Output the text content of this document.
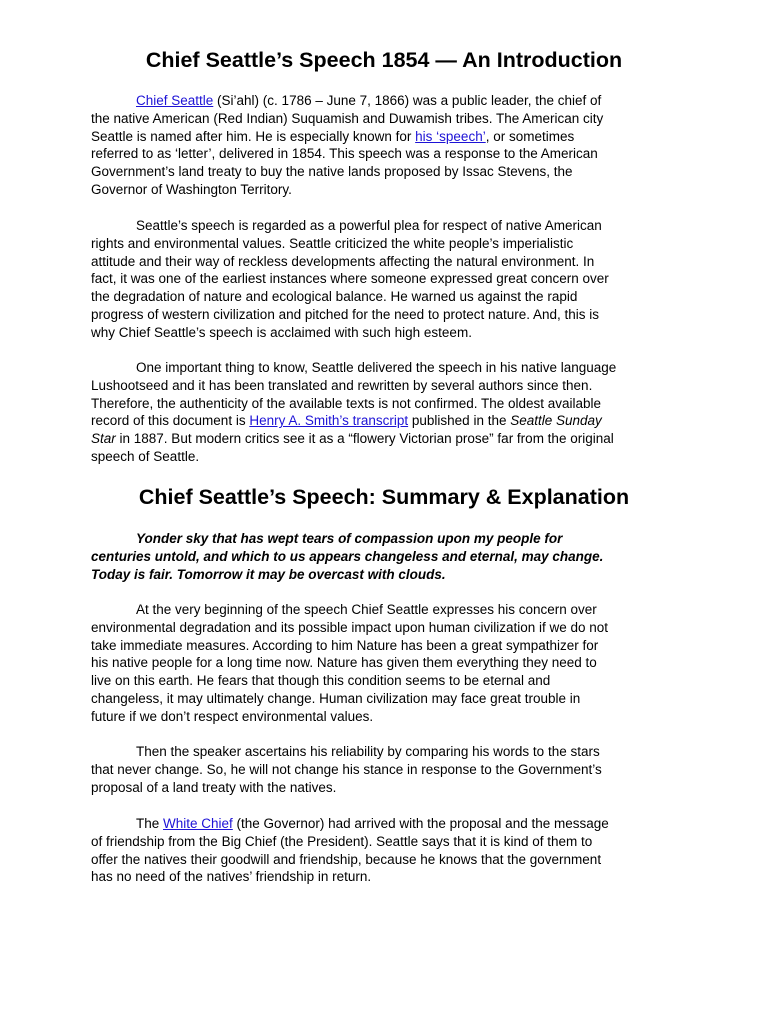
Chief Seattle’s Speech 1854 — An Introduction

Chief Seattle (Si’ahl) (c. 1786 – June 7, 1866) was a public leader, the chief of
the native American (Red Indian) Suquamish and Duwamish tribes. The American city
Seattle is named after him. He is especially known for his ‘speech’, or sometimes
referred to as ‘letter’, delivered in 1854. This speech was a response to the American
Government’s land treaty to buy the native lands proposed by Issac Stevens, the
Governor of Washington Territory.

Seattle’s speech is regarded as a powerful plea for respect of native American
rights and environmental values. Seattle criticized the white people’s imperialistic
attitude and their way of reckless developments affecting the natural environment. In
fact, it was one of the earliest instances where someone expressed great concern over
the degradation of nature and ecological balance. He warned us against the rapid
progress of western civilization and pitched for the need to protect nature. And, this is
why Chief Seattle’s speech is acclaimed with such high esteem.

One important thing to know, Seattle delivered the speech in his native language
Lushootseed and it has been translated and rewritten by several authors since then.
Therefore, the authenticity of the available texts is not confirmed. The oldest available
record of this document is Henry A. Smith’s transcript published in the Seattle Sunday
Star in 1887. But modern critics see it as a “flowery Victorian prose” far from the original
speech of Seattle.

Chief Seattle’s Speech: Summary & Explanation

Yonder sky that has wept tears of compassion upon my people for
centuries untold, and which to us appears changeless and eternal, may change.
Today is fair. Tomorrow it may be overcast with clouds.

At the very beginning of the speech Chief Seattle expresses his concern over
environmental degradation and its possible impact upon human civilization if we do not
take immediate measures. According to him Nature has been a great sympathizer for
his native people for a long time now. Nature has given them everything they need to
live on this earth. He fears that though this condition seems to be eternal and
changeless, it may ultimately change. Human civilization may face great trouble in
future if we don’t respect environmental values.

Then the speaker ascertains his reliability by comparing his words to the stars
that never change. So, he will not change his stance in response to the Government’s
proposal of a land treaty with the natives.

The White Chief (the Governor) had arrived with the proposal and the message
of friendship from the Big Chief (the President). Seattle says that it is kind of them to
offer the natives their goodwill and friendship, because he knows that the government
has no need of the natives’ friendship in return.
